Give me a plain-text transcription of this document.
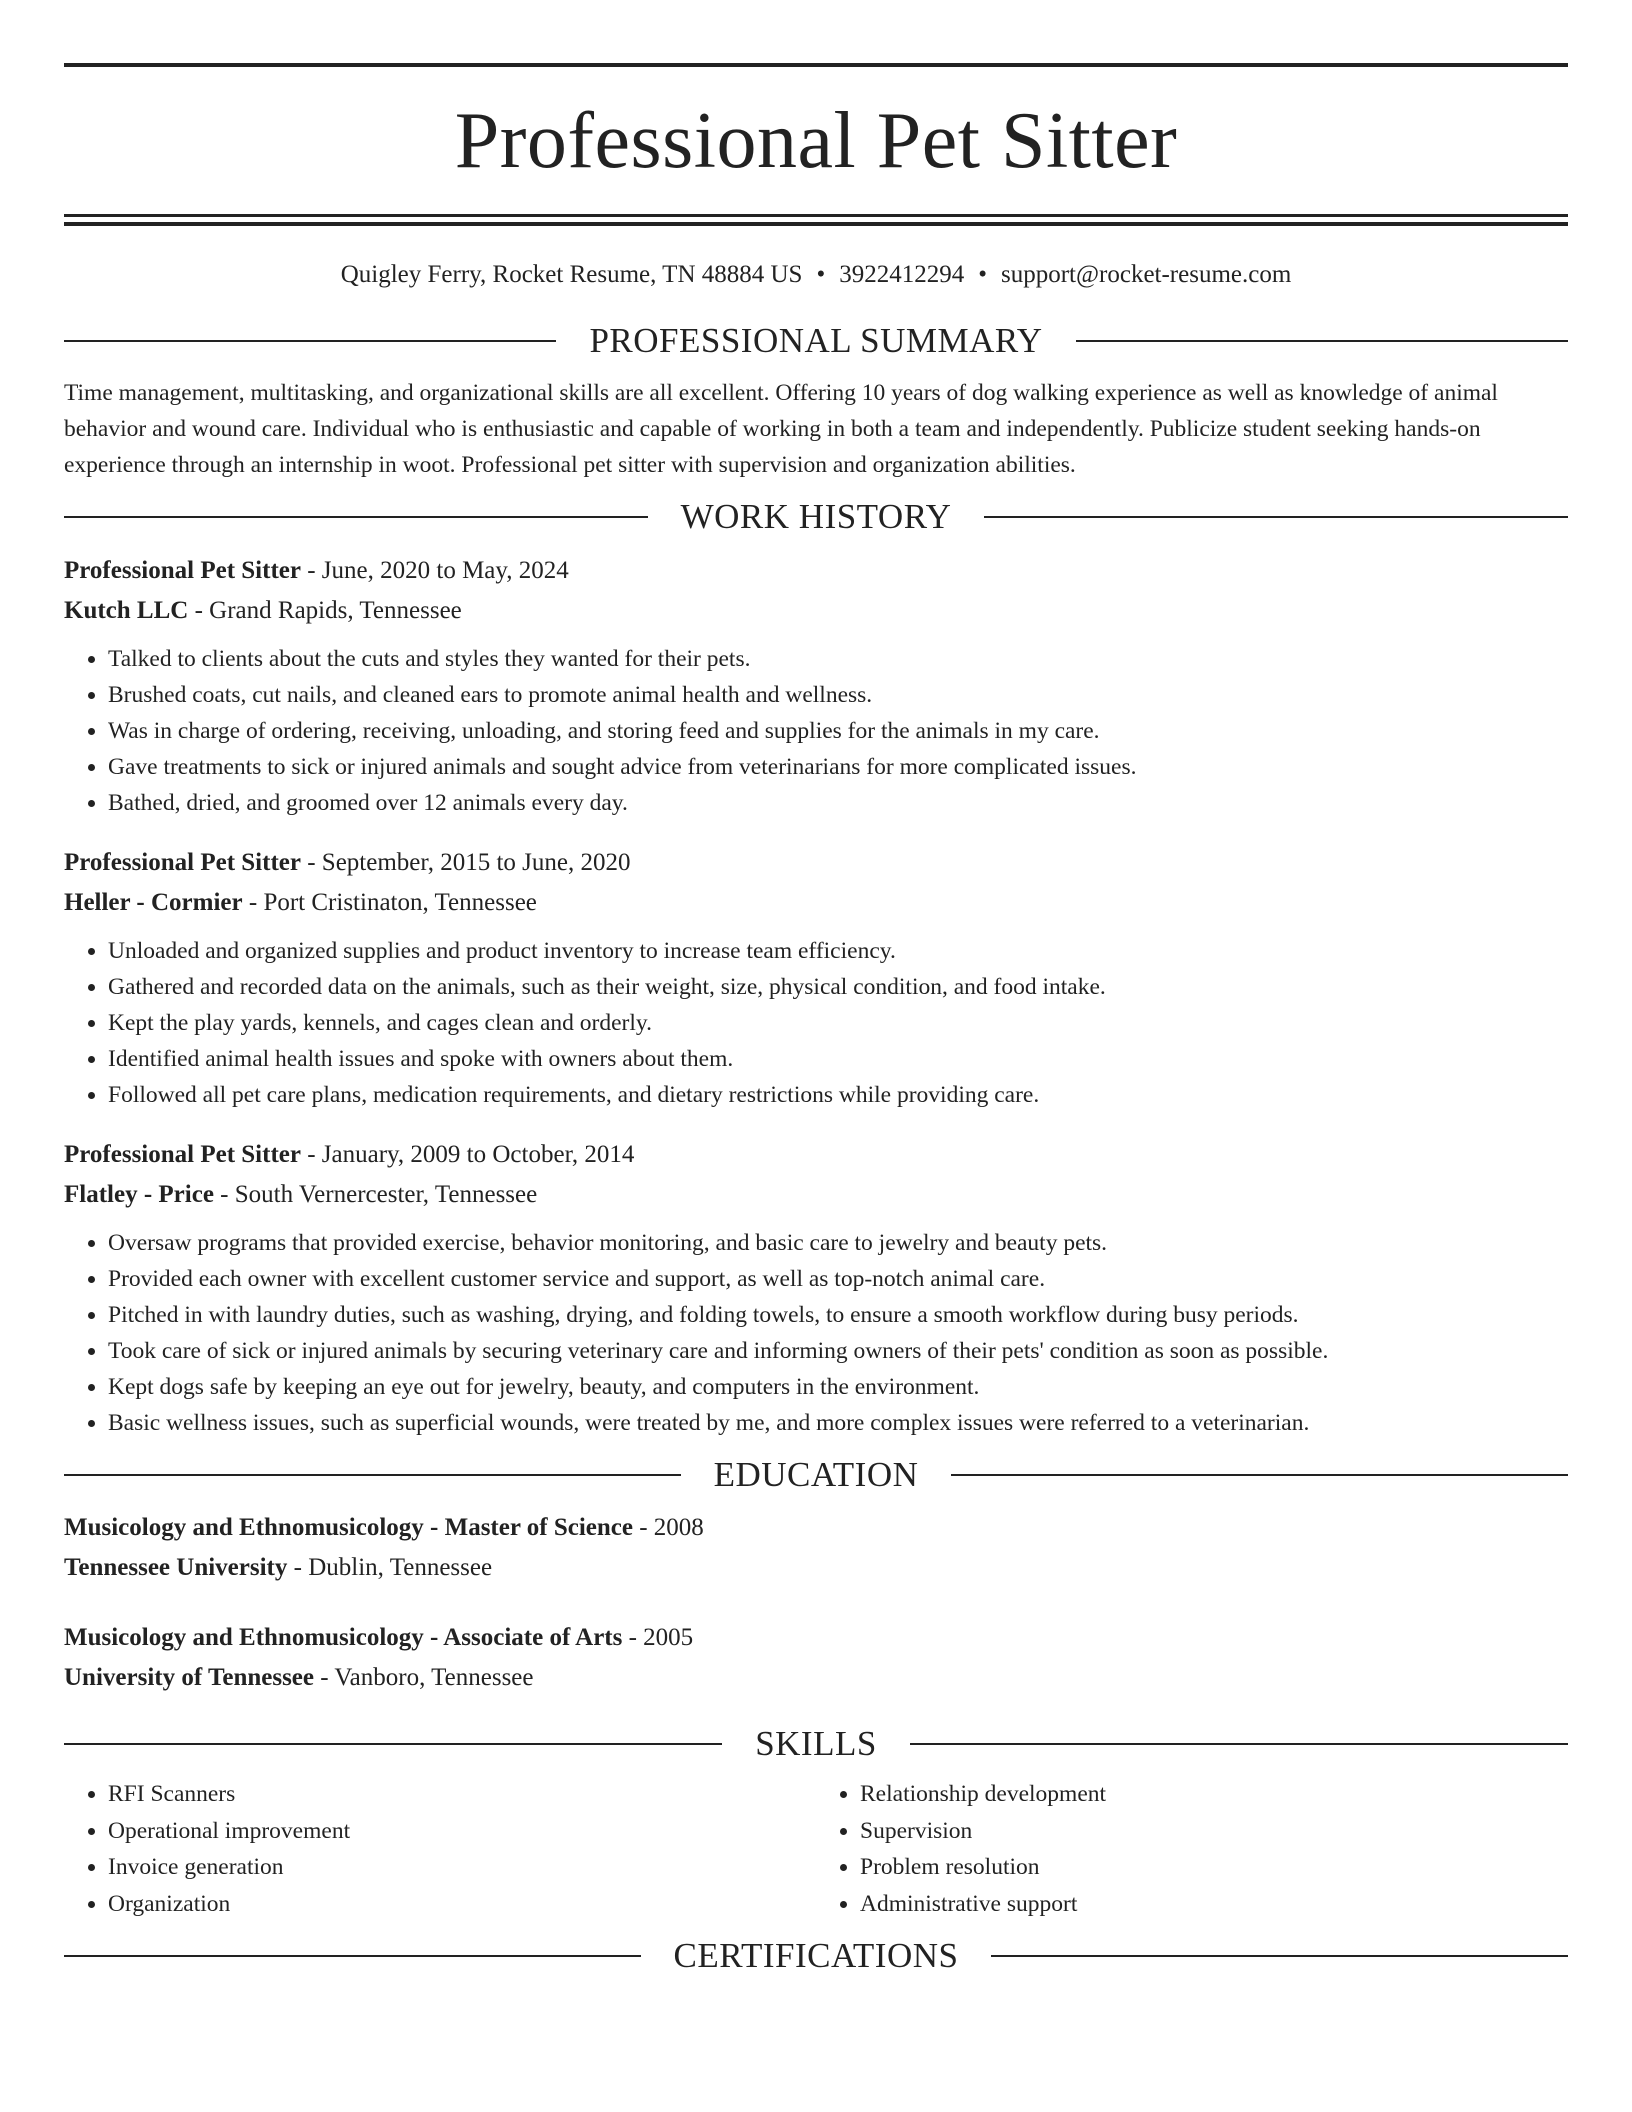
Professional Pet Sitter
Quigley Ferry, Rocket Resume, TN 48884 US • 3922412294 • support@rocket-resume.com
PROFESSIONAL SUMMARY

Time management, multitasking, and organizational skills are all excellent. Offering 10 years of dog walking experience as well as knowledge of animal behavior and wound care. Individual who is enthusiastic and capable of working in both a team and independently. Publicize student seeking hands-on experience through an internship in woot. Professional pet sitter with supervision and organization abilities.

WORK HISTORY
Professional Pet Sitter - June, 2020 to May, 2024
Kutch LLC - Grand Rapids, Tennessee
• Talked to clients about the cuts and styles they wanted for their pets.
• Brushed coats, cut nails, and cleaned ears to promote animal health and wellness.
• Was in charge of ordering, receiving, unloading, and storing feed and supplies for the animals in my care.
• Gave treatments to sick or injured animals and sought advice from veterinarians for more complicated issues.
• Bathed, dried, and groomed over 12 animals every day.
Professional Pet Sitter - September, 2015 to June, 2020
Heller - Cormier - Port Cristinaton, Tennessee
• Unloaded and organized supplies and product inventory to increase team efficiency.
• Gathered and recorded data on the animals, such as their weight, size, physical condition, and food intake.
• Kept the play yards, kennels, and cages clean and orderly.
• Identified animal health issues and spoke with owners about them.
• Followed all pet care plans, medication requirements, and dietary restrictions while providing care.
Professional Pet Sitter - January, 2009 to October, 2014
Flatley - Price - South Vernercester, Tennessee
• Oversaw programs that provided exercise, behavior monitoring, and basic care to jewelry and beauty pets.
• Provided each owner with excellent customer service and support, as well as top-notch animal care.
• Pitched in with laundry duties, such as washing, drying, and folding towels, to ensure a smooth workflow during busy periods.
• Took care of sick or injured animals by securing veterinary care and informing owners of their pets' condition as soon as possible.
• Kept dogs safe by keeping an eye out for jewelry, beauty, and computers in the environment.
• Basic wellness issues, such as superficial wounds, were treated by me, and more complex issues were referred to a veterinarian.
EDUCATION
Musicology and Ethnomusicology - Master of Science - 2008
Tennessee University - Dublin, Tennessee
Musicology and Ethnomusicology - Associate of Arts - 2005
University of Tennessee - Vanboro, Tennessee
SKILLS
• RFI Scanners
• Operational improvement
• Invoice generation
• Organization
• Relationship development
• Supervision
• Problem resolution
• Administrative support
CERTIFICATIONS
